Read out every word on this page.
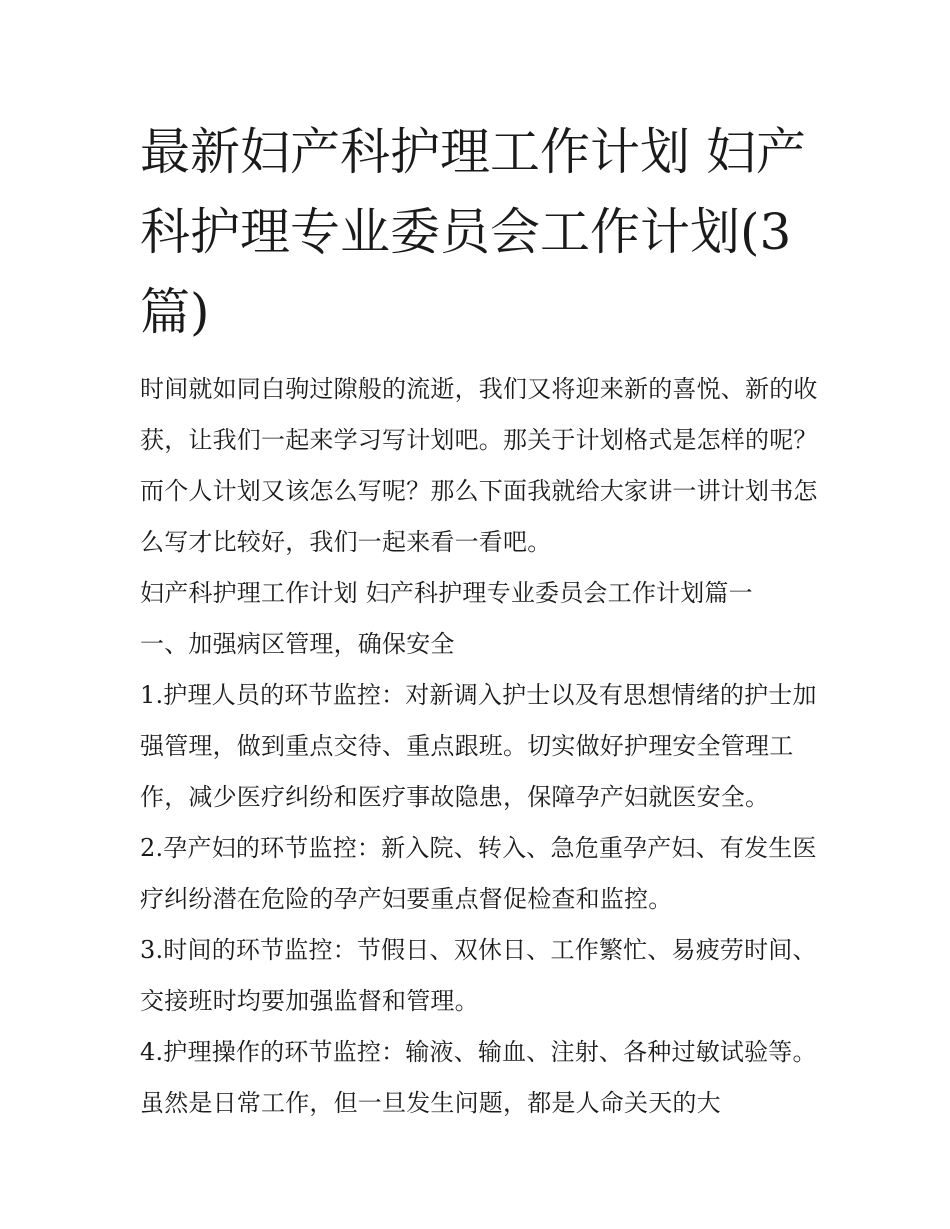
最新妇产科护理工作计划 妇产科护理专业委员会工作计划(3篇)

时间就如同白驹过隙般的流逝，我们又将迎来新的喜悦、新的收获，让我们一起来学习写计划吧。那关于计划格式是怎样的呢？而个人计划又该怎么写呢？那么下面我就给大家讲一讲计划书怎么写才比较好，我们一起来看一看吧。

妇产科护理工作计划 妇产科护理专业委员会工作计划篇一

一、加强病区管理，确保安全

1.护理人员的环节监控：对新调入护士以及有思想情绪的护士加强管理，做到重点交待、重点跟班。切实做好护理安全管理工作，减少医疗纠纷和医疗事故隐患，保障孕产妇就医安全。

2.孕产妇的环节监控：新入院、转入、急危重孕产妇、有发生医疗纠纷潜在危险的孕产妇要重点督促检查和监控。

3.时间的环节监控：节假日、双休日、工作繁忙、易疲劳时间、交接班时均要加强监督和管理。

4.护理操作的环节监控：输液、输血、注射、各种过敏试验等。虽然是日常工作，但一旦发生问题，都是人命关天的大
